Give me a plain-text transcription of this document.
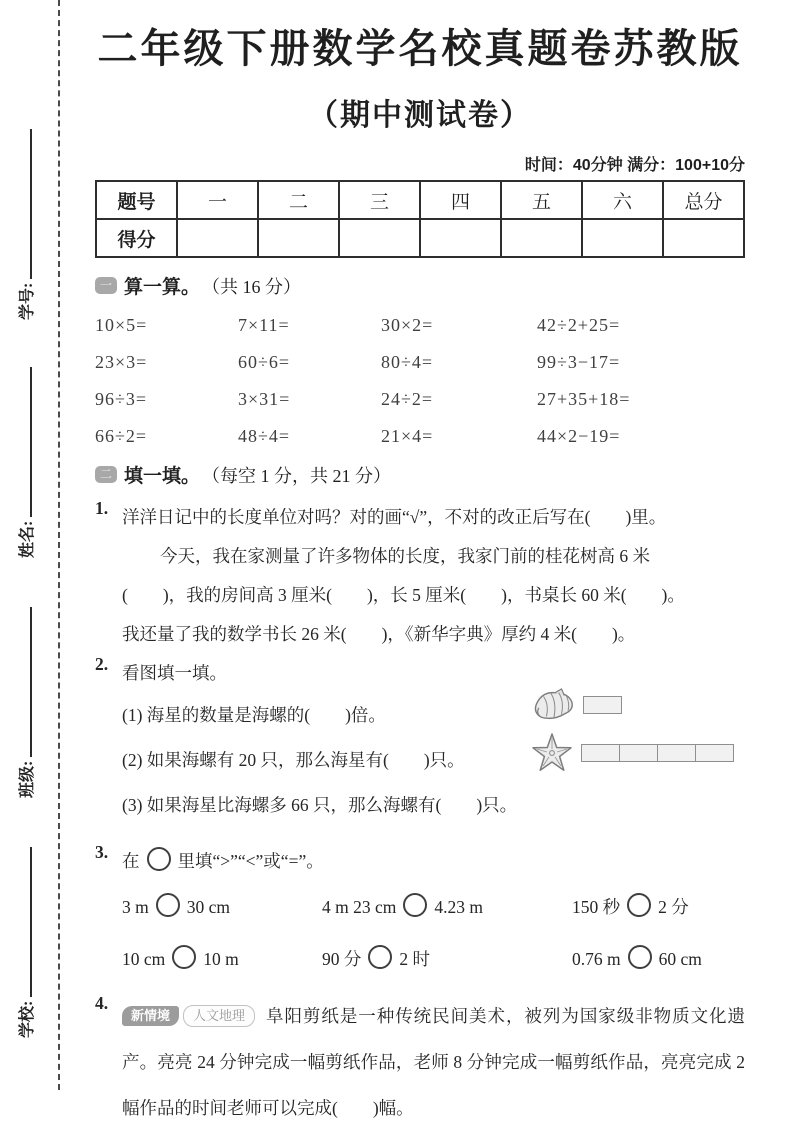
学号:
姓名:
班级:
学校:
二年级下册数学名校真题卷苏教版
（期中测试卷）
时间：40分钟 满分：100+10分
题号	一	二	三	四	五	六	总分
得分							
一 算一算。 （共 16 分）
10×5=	7×11=	30×2=	42÷2+25=
23×3=	60÷6=	80÷4=	99÷3−17=
96÷3=	3×31=	24÷2=	27+35+18=
66÷2=	48÷4=	21×4=	44×2−19=
二 填一填。 （每空 1 分，共 21 分）
1. 洋洋日记中的长度单位对吗？对的画“√”，不对的改正后写在(　　)里。
今天，我在家测量了许多物体的长度，我家门前的桂花树高 6 米
(　　)，我的房间高 3 厘米(　　)，长 5 厘米(　　)，书桌长 60 米(　　)。
我还量了我的数学书长 26 米(　　)，《新华字典》厚约 4 米(　　)。
2. 看图填一填。
(1) 海星的数量是海螺的(　　)倍。
(2) 如果海螺有 20 只，那么海星有(　　)只。
(3) 如果海星比海螺多 66 只，那么海螺有(　　)只。
3. 在 里填“>”“<”或“=”。
3 m 30 cm	4 m 23 cm 4.23 m	150 秒 2 分
10 cm 10 m	90 分 2 时	0.76 m 60 cm
4.
新情境 人文地理 阜阳剪纸是一种传统民间美术，被列为国家级非物质文化遗产。亮亮 24 分钟完成一幅剪纸作品，老师 8 分钟完成一幅剪纸作品，亮亮完成 2 幅作品的时间老师可以完成(　　)幅。
